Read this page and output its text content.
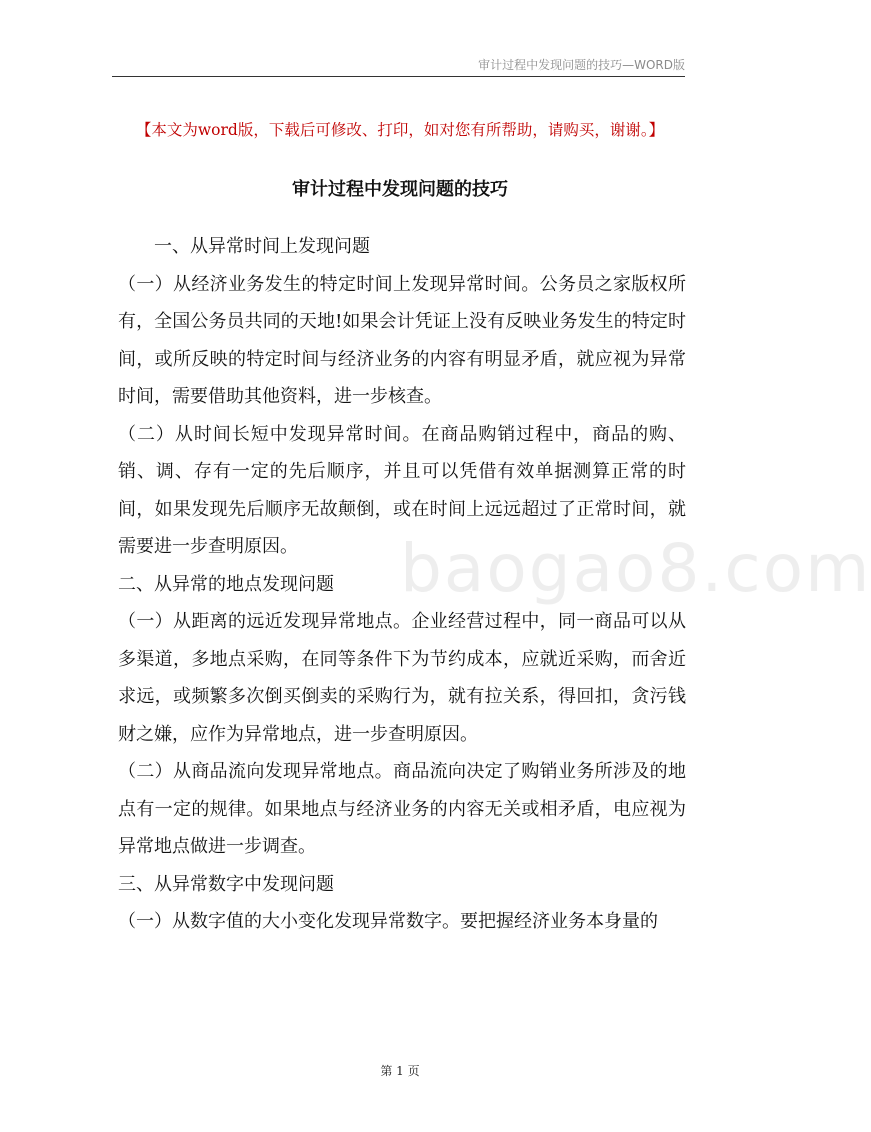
审计过程中发现问题的技巧—WORD版
baogao8.com
【本文为word版，下载后可修改、打印，如对您有所帮助，请购买，谢谢。】
审计过程中发现问题的技巧

一、从异常时间上发现问题

（一）从经济业务发生的特定时间上发现异常时间。公务员之家版权所有，全国公务员共同的天地!如果会计凭证上没有反映业务发生的特定时间，或所反映的特定时间与经济业务的内容有明显矛盾，就应视为异常时间，需要借助其他资料，进一步核查。

（二）从时间长短中发现异常时间。在商品购销过程中，商品的购、销、调、存有一定的先后顺序，并且可以凭借有效单据测算正常的时间，如果发现先后顺序无故颠倒，或在时间上远远超过了正常时间，就需要进一步查明原因。

二、从异常的地点发现问题

（一）从距离的远近发现异常地点。企业经营过程中，同一商品可以从多渠道，多地点采购，在同等条件下为节约成本，应就近采购，而舍近求远，或频繁多次倒买倒卖的采购行为，就有拉关系，得回扣，贪污钱财之嫌，应作为异常地点，进一步查明原因。

（二）从商品流向发现异常地点。商品流向决定了购销业务所涉及的地点有一定的规律。如果地点与经济业务的内容无关或相矛盾，电应视为异常地点做进一步调查。

三、从异常数字中发现问题

（一）从数字值的大小变化发现异常数字。要把握经济业务本身量的

第 1 页
